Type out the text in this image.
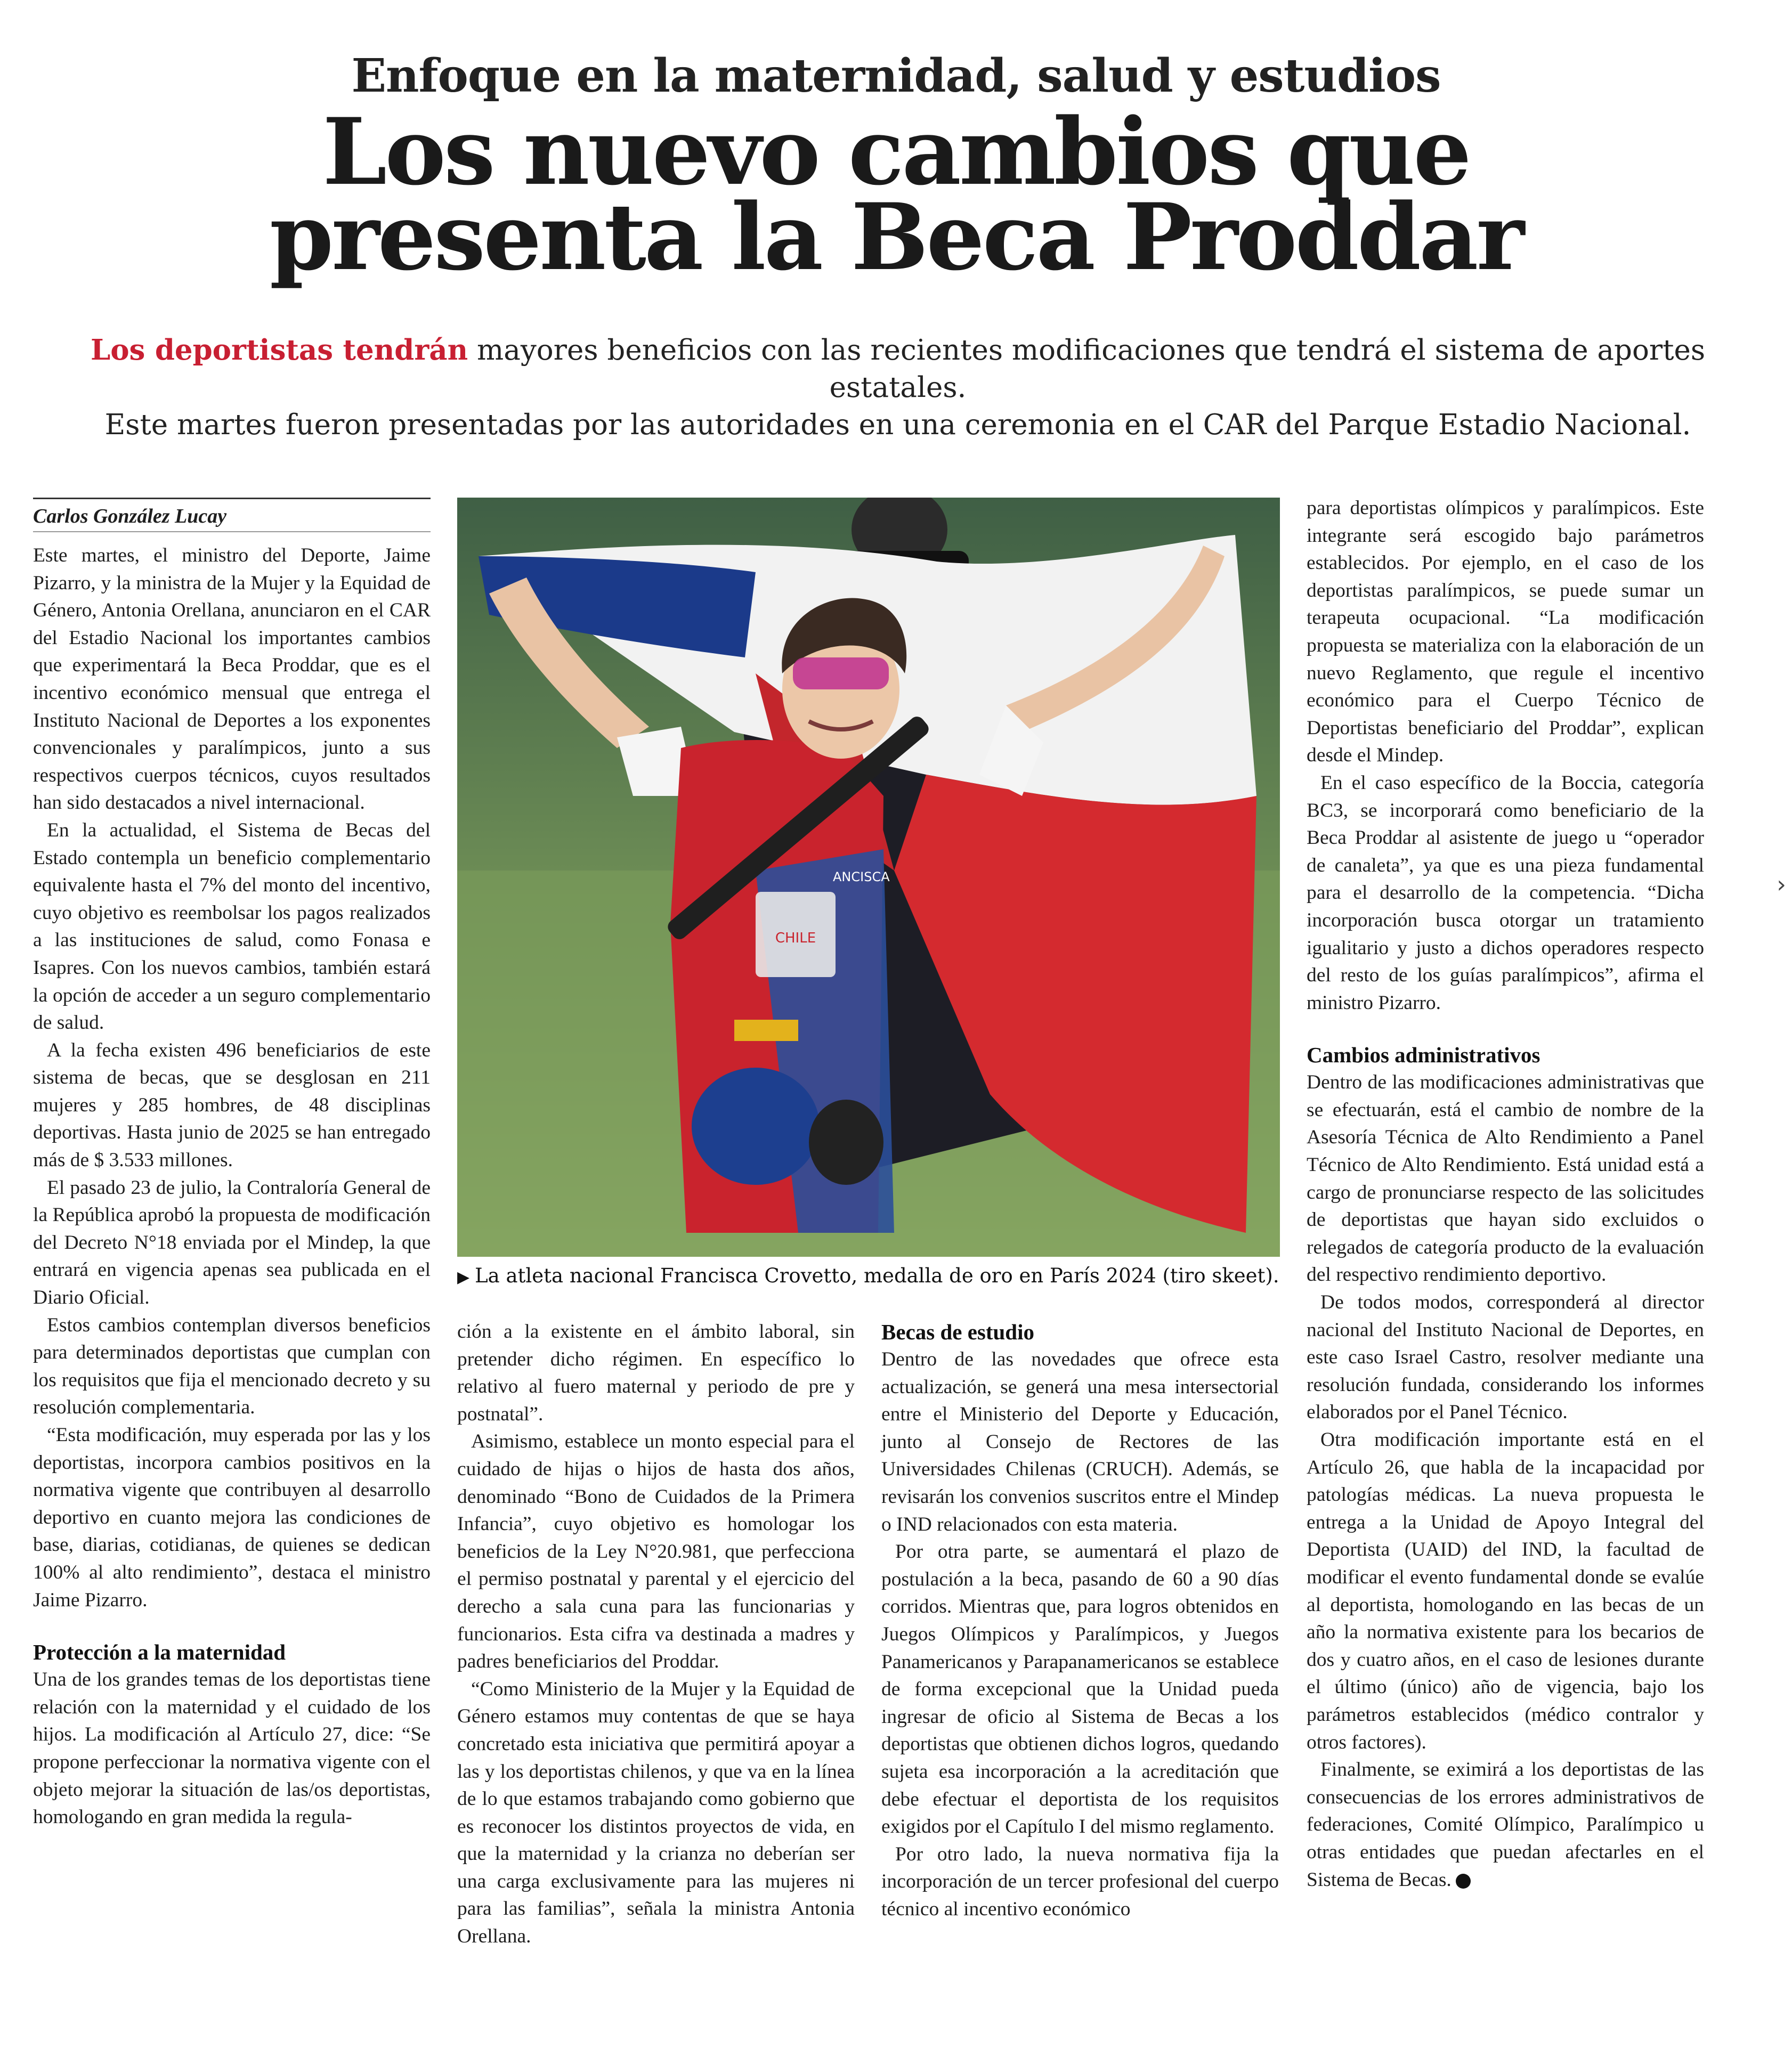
Enfoque en la maternidad, salud y estudios
Los nuevo cambios que
presenta la Beca Proddar
Los deportistas tendrán mayores beneficios con las recientes modificaciones que tendrá el sistema de aportes estatales.
Este martes fueron presentadas por las autoridades en una ceremonia en el CAR del Parque Estadio Nacional.
Carlos González Lucay

Este martes, el ministro del Deporte, Jaime Pizarro, y la ministra de la Mujer y la Equidad de Género, Antonia Orellana, anunciaron en el CAR del Estadio Nacional los importantes cambios que experimentará la Beca Proddar, que es el incentivo económico mensual que entrega el Instituto Nacional de Deportes a los exponentes convencionales y paralímpicos, junto a sus respectivos cuerpos técnicos, cuyos resultados han sido destacados a nivel internacional.

En la actualidad, el Sistema de Becas del Estado contempla un beneficio complementario equivalente hasta el 7% del monto del incentivo, cuyo objetivo es reembolsar los pagos realizados a las instituciones de salud, como Fonasa e Isapres. Con los nuevos cambios, también estará la opción de acceder a un seguro complementario de salud.

A la fecha existen 496 beneficiarios de este sistema de becas, que se desglosan en 211 mujeres y 285 hombres, de 48 disciplinas deportivas. Hasta junio de 2025 se han entregado más de $ 3.533 millones.

El pasado 23 de julio, la Contraloría General de la República aprobó la propuesta de modificación del Decreto N°18 enviada por el Mindep, la que entrará en vigencia apenas sea publicada en el Diario Oficial.

Estos cambios contemplan diversos beneficios para determinados deportistas que cumplan con los requisitos que fija el mencionado decreto y su resolución complementaria.

“Esta modificación, muy esperada por las y los deportistas, incorpora cambios positivos en la normativa vigente que contribuyen al desarrollo deportivo en cuanto mejora las condiciones de base, diarias, cotidianas, de quienes se dedican 100% al alto rendimiento”, destaca el ministro Jaime Pizarro.

Protección a la maternidad

Una de los grandes temas de los deportistas tiene relación con la maternidad y el cuidado de los hijos. La modificación al Artículo 27, dice: “Se propone perfeccionar la normativa vigente con el objeto mejorar la situación de las/os deportistas, homologando en gran medida la regula-

CHILE
ANCISCA
▶ La atleta nacional Francisca Crovetto, medalla de oro en París 2024 (tiro skeet).

ción a la existente en el ámbito laboral, sin pretender dicho régimen. En específico lo relativo al fuero maternal y periodo de pre y postnatal”.

Asimismo, establece un monto especial para el cuidado de hijas o hijos de hasta dos años, denominado “Bono de Cuidados de la Primera Infancia”, cuyo objetivo es homologar los beneficios de la Ley N°20.981, que perfecciona el permiso postnatal y parental y el ejercicio del derecho a sala cuna para las funcionarias y funcionarios. Esta cifra va destinada a madres y padres beneficiarios del Proddar.

“Como Ministerio de la Mujer y la Equidad de Género estamos muy contentas de que se haya concretado esta iniciativa que permitirá apoyar a las y los deportistas chilenos, y que va en la línea de lo que estamos trabajando como gobierno que es reconocer los distintos proyectos de vida, en que la maternidad y la crianza no deberían ser una carga exclusivamente para las mujeres ni para las familias”, señala la ministra Antonia Orellana.

Becas de estudio

Dentro de las novedades que ofrece esta actualización, se generá una mesa intersectorial entre el Ministerio del Deporte y Educación, junto al Consejo de Rectores de las Universidades Chilenas (CRUCH). Además, se revisarán los convenios suscritos entre el Mindep o IND relacionados con esta materia.

Por otra parte, se aumentará el plazo de postulación a la beca, pasando de 60 a 90 días corridos. Mientras que, para logros obtenidos en Juegos Olímpicos y Paralímpicos, y Juegos Panamericanos y Parapanamericanos se establece de forma excepcional que la Unidad pueda ingresar de oficio al Sistema de Becas a los deportistas que obtienen dichos logros, quedando sujeta esa incorporación a la acreditación que debe efectuar el deportista de los requisitos exigidos por el Capítulo I del mismo reglamento.

Por otro lado, la nueva normativa fija la incorporación de un tercer profesional del cuerpo técnico al incentivo económico

para deportistas olímpicos y paralímpicos. Este integrante será escogido bajo parámetros establecidos. Por ejemplo, en el caso de los deportistas paralímpicos, se puede sumar un terapeuta ocupacional. “La modificación propuesta se materializa con la elaboración de un nuevo Reglamento, que regule el incentivo económico para el Cuerpo Técnico de Deportistas beneficiario del Proddar”, explican desde el Mindep.

En el caso específico de la Boccia, categoría BC3, se incorporará como beneficiario de la Beca Proddar al asistente de juego u “operador de canaleta”, ya que es una pieza fundamental para el desarrollo de la competencia. “Dicha incorporación busca otorgar un tratamiento igualitario y justo a dichos operadores respecto del resto de los guías paralímpicos”, afirma el ministro Pizarro.

Cambios administrativos

Dentro de las modificaciones administrativas que se efectuarán, está el cambio de nombre de la Asesoría Técnica de Alto Rendimiento a Panel Técnico de Alto Rendimiento. Está unidad está a cargo de pronunciarse respecto de las solicitudes de deportistas que hayan sido excluidos o relegados de categoría producto de la evaluación del respectivo rendimiento deportivo.

De todos modos, corresponderá al director nacional del Instituto Nacional de Deportes, en este caso Israel Castro, resolver mediante una resolución fundada, considerando los informes elaborados por el Panel Técnico.

Otra modificación importante está en el Artículo 26, que habla de la incapacidad por patologías médicas. La nueva propuesta le entrega a la Unidad de Apoyo Integral del Deportista (UAID) del IND, la facultad de modificar el evento fundamental donde se evalúe al deportista, homologando en las becas de un año la normativa existente para los becarios de dos y cuatro años, en el caso de lesiones durante el último (único) año de vigencia, bajo los parámetros establecidos (médico contralor y otros factores).

Finalmente, se eximirá a los deportistas de las consecuencias de los errores administrativos de federaciones, Comité Olímpico, Paralímpico u otras entidades que puedan afectarles en el Sistema de Becas.

›
